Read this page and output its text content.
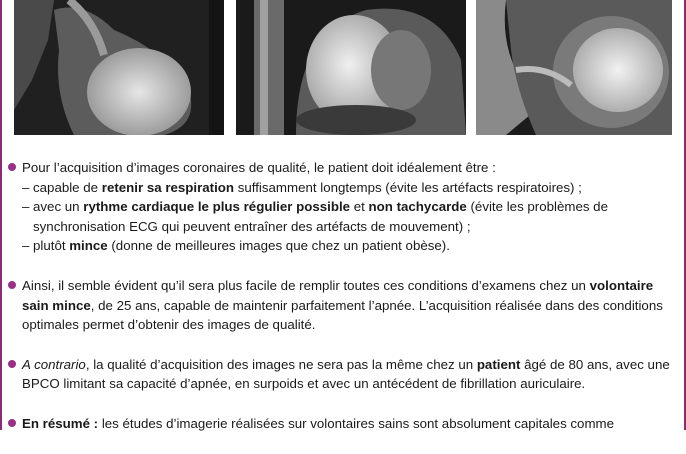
Pour l’acquisition d’images coronaires de qualité, le patient doit idéalement être :
– capable de retenir sa respiration suffisamment longtemps (évite les artéfacts respiratoires) ;
– avec un rythme cardiaque le plus régulier possible et non tachycarde (évite les problèmes de synchronisation ECG qui peuvent entraîner des artéfacts de mouvement) ;
– plutôt mince (donne de meilleures images que chez un patient obèse).
Ainsi, il semble évident qu’il sera plus facile de remplir toutes ces conditions d’examens chez un volontaire sain mince, de 25 ans, capable de maintenir parfaitement l’apnée. L’acquisition réalisée dans des conditions optimales permet d’obtenir des images de qualité.
A contrario, la qualité d’acquisition des images ne sera pas la même chez un patient âgé de 80 ans, avec une BPCO limitant sa capacité d’apnée, en surpoids et avec un antécédent de fibrillation auriculaire.
En résumé : les études d’imagerie réalisées sur volontaires sains sont absolument capitales comme
